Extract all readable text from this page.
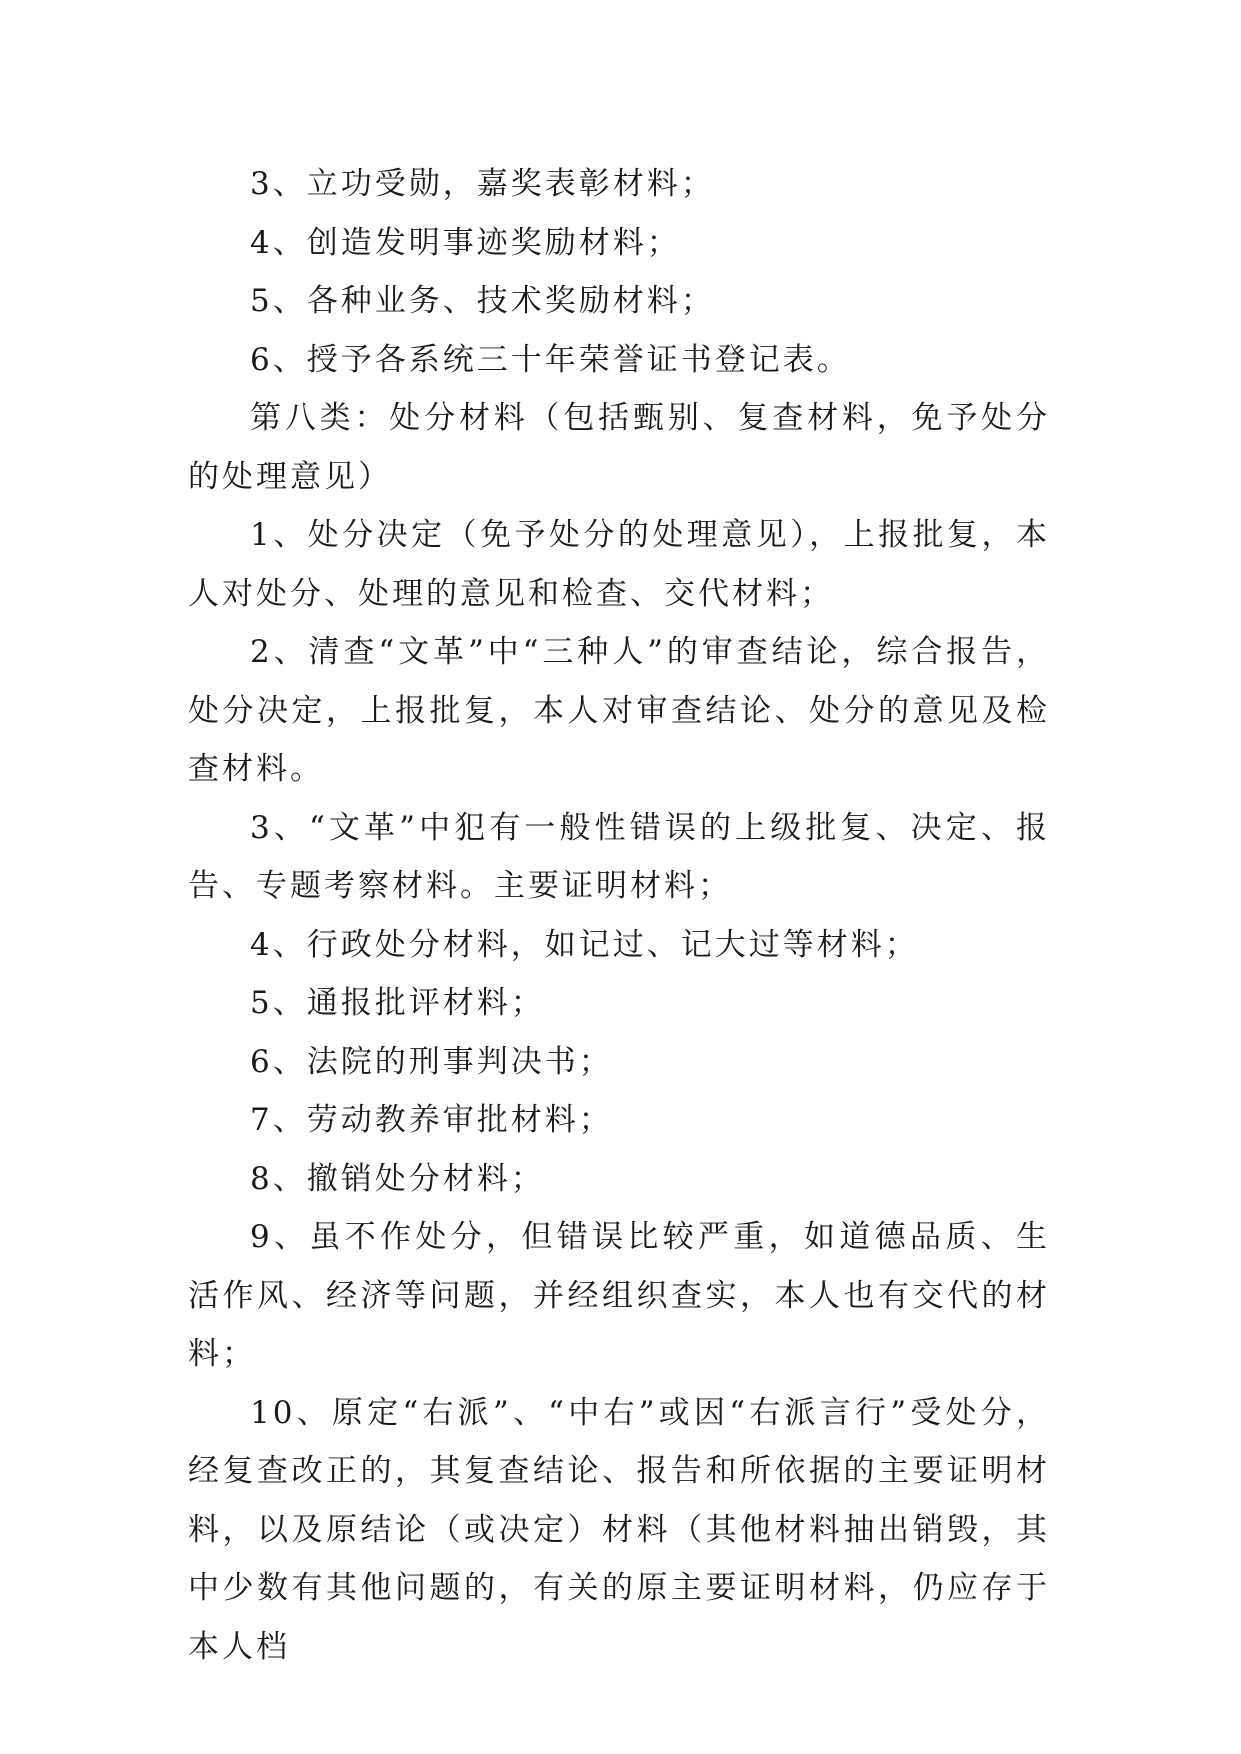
3、立功受勋，嘉奖表彰材料；

4、创造发明事迹奖励材料；

5、各种业务、技术奖励材料；

6、授予各系统三十年荣誉证书登记表。

第八类：处分材料（包括甄别、复查材料，免予处分的处理意见）

1、处分决定（免予处分的处理意见），上报批复，本人对处分、处理的意见和检查、交代材料；

2、清查“文革”中“三种人”的审查结论，综合报告，处分决定，上报批复，本人对审查结论、处分的意见及检查材料。

3、“文革”中犯有一般性错误的上级批复、决定、报告、专题考察材料。主要证明材料；

4、行政处分材料，如记过、记大过等材料；

5、通报批评材料；

6、法院的刑事判决书；

7、劳动教养审批材料；

8、撤销处分材料；

9、虽不作处分，但错误比较严重，如道德品质、生活作风、经济等问题，并经组织查实，本人也有交代的材料；

10、原定“右派”、“中右”或因“右派言行”受处分，经复查改正的，其复查结论、报告和所依据的主要证明材料，以及原结论（或决定）材料（其他材料抽出销毁，其中少数有其他问题的，有关的原主要证明材料，仍应存于本人档
